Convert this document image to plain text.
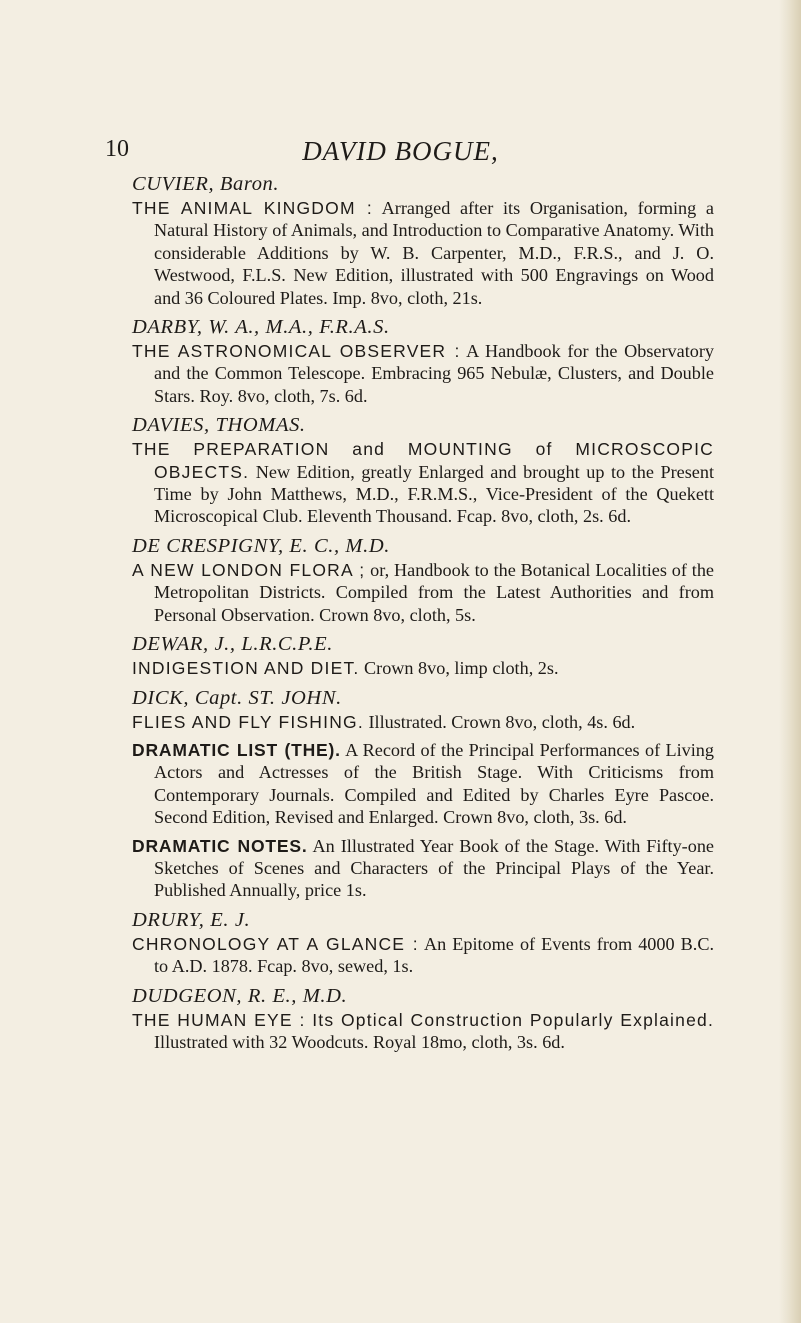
10	DAVID BOGUE,
CUVIER, Baron.
THE ANIMAL KINGDOM : Arranged after its Organisation, forming a Natural History of Animals, and Introduction to Comparative Anatomy. With considerable Additions by W. B. Carpenter, M.D., F.R.S., and J. O. Westwood, F.L.S. New Edition, illustrated with 500 Engravings on Wood and 36 Coloured Plates. Imp. 8vo, cloth, 21s.
DARBY, W. A., M.A., F.R.A.S.
THE ASTRONOMICAL OBSERVER : A Handbook for the Observatory and the Common Telescope. Embracing 965 Nebulæ, Clusters, and Double Stars. Roy. 8vo, cloth, 7s. 6d.
DAVIES, THOMAS.
THE PREPARATION and MOUNTING of MICROSCOPIC OBJECTS. New Edition, greatly Enlarged and brought up to the Present Time by John Matthews, M.D., F.R.M.S., Vice-President of the Quekett Microscopical Club. Eleventh Thousand. Fcap. 8vo, cloth, 2s. 6d.
DE CRESPIGNY, E. C., M.D.
A NEW LONDON FLORA ; or, Handbook to the Botanical Localities of the Metropolitan Districts. Compiled from the Latest Authorities and from Personal Observation. Crown 8vo, cloth, 5s.
DEWAR, J., L.R.C.P.E.
INDIGESTION AND DIET. Crown 8vo, limp cloth, 2s.
DICK, Capt. ST. JOHN.
FLIES AND FLY FISHING. Illustrated. Crown 8vo, cloth, 4s. 6d.
DRAMATIC LIST (THE). A Record of the Principal Performances of Living Actors and Actresses of the British Stage. With Criticisms from Contemporary Journals. Compiled and Edited by Charles Eyre Pascoe. Second Edition, Revised and Enlarged. Crown 8vo, cloth, 3s. 6d.
DRAMATIC NOTES. An Illustrated Year Book of the Stage. With Fifty-one Sketches of Scenes and Characters of the Principal Plays of the Year. Published Annually, price 1s.
DRURY, E. J.
CHRONOLOGY AT A GLANCE : An Epitome of Events from 4000 B.C. to A.D. 1878. Fcap. 8vo, sewed, 1s.
DUDGEON, R. E., M.D.
THE HUMAN EYE : Its Optical Construction Popularly Explained. Illustrated with 32 Woodcuts. Royal 18mo, cloth, 3s. 6d.
